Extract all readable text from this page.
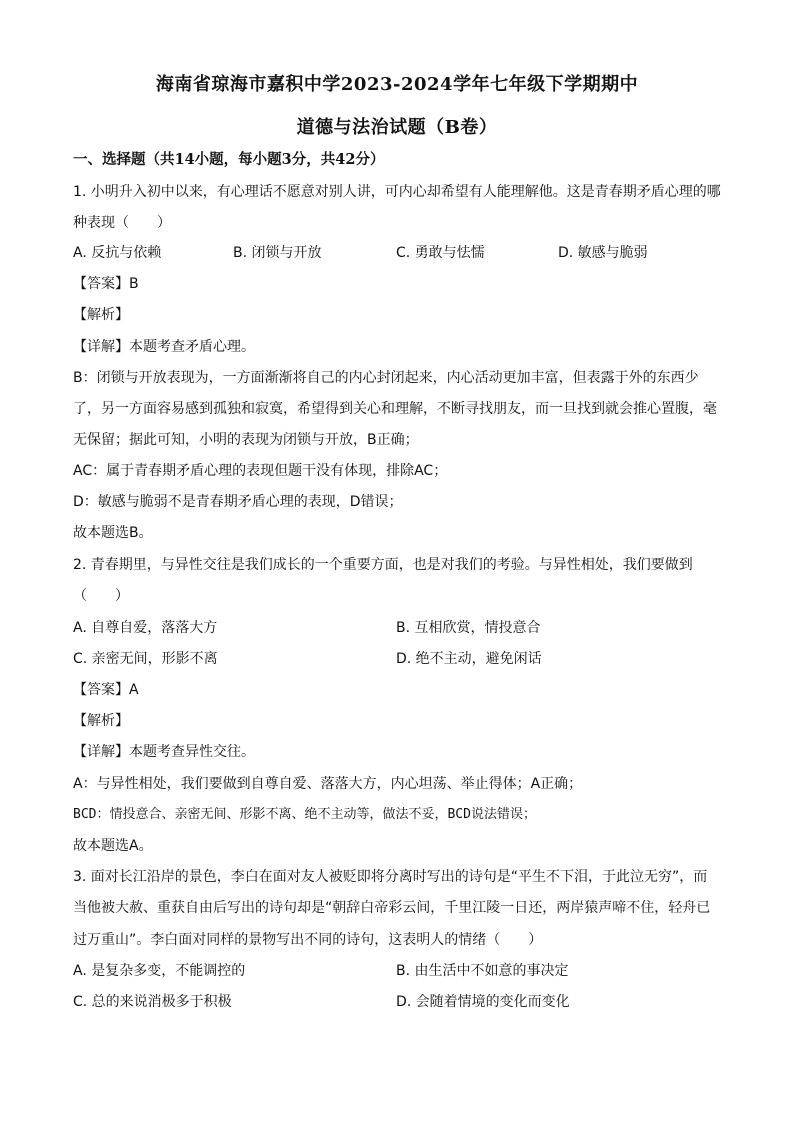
海南省琼海市嘉积中学2023-2024学年七年级下学期期中
道德与法治试题（B卷）
一、选择题（共14小题，每小题3分，共42分）
1. 小明升入初中以来，有心理话不愿意对别人讲，可内心却希望有人能理解他。这是青春期矛盾心理的哪
种表现（　　）
A. 反抗与依赖	B. 闭锁与开放	C. 勇敢与怯懦	D. 敏感与脆弱
【答案】B
【解析】
【详解】本题考查矛盾心理。
B：闭锁与开放表现为，一方面渐渐将自己的内心封闭起来，内心活动更加丰富，但表露于外的东西少
了，另一方面容易感到孤独和寂寞，希望得到关心和理解，不断寻找朋友，而一旦找到就会推心置腹，毫
无保留；据此可知，小明的表现为闭锁与开放，B正确；
AC：属于青春期矛盾心理的表现但题干没有体现，排除AC；
D：敏感与脆弱不是青春期矛盾心理的表现，D错误；
故本题选B。
2. 青春期里，与异性交往是我们成长的一个重要方面，也是对我们的考验。与异性相处，我们要做到
（　　）
A. 自尊自爱，落落大方	B. 互相欣赏，情投意合
C. 亲密无间，形影不离	D. 绝不主动，避免闲话
【答案】A
【解析】
【详解】本题考查异性交往。
A：与异性相处，我们要做到自尊自爱、落落大方，内心坦荡、举止得体；A正确；
BCD：情投意合、亲密无间、形影不离、绝不主动等，做法不妥，BCD说法错误；
故本题选A。
3. 面对长江沿岸的景色，李白在面对友人被贬即将分离时写出的诗句是“平生不下泪，于此泣无穷”，而
当他被大赦、重获自由后写出的诗句却是“朝辞白帝彩云间，千里江陵一日还，两岸猿声啼不住，轻舟已
过万重山”。李白面对同样的景物写出不同的诗句，这表明人的情绪（　　）
A. 是复杂多变，不能调控的	B. 由生活中不如意的事决定
C. 总的来说消极多于积极	D. 会随着情境的变化而变化
